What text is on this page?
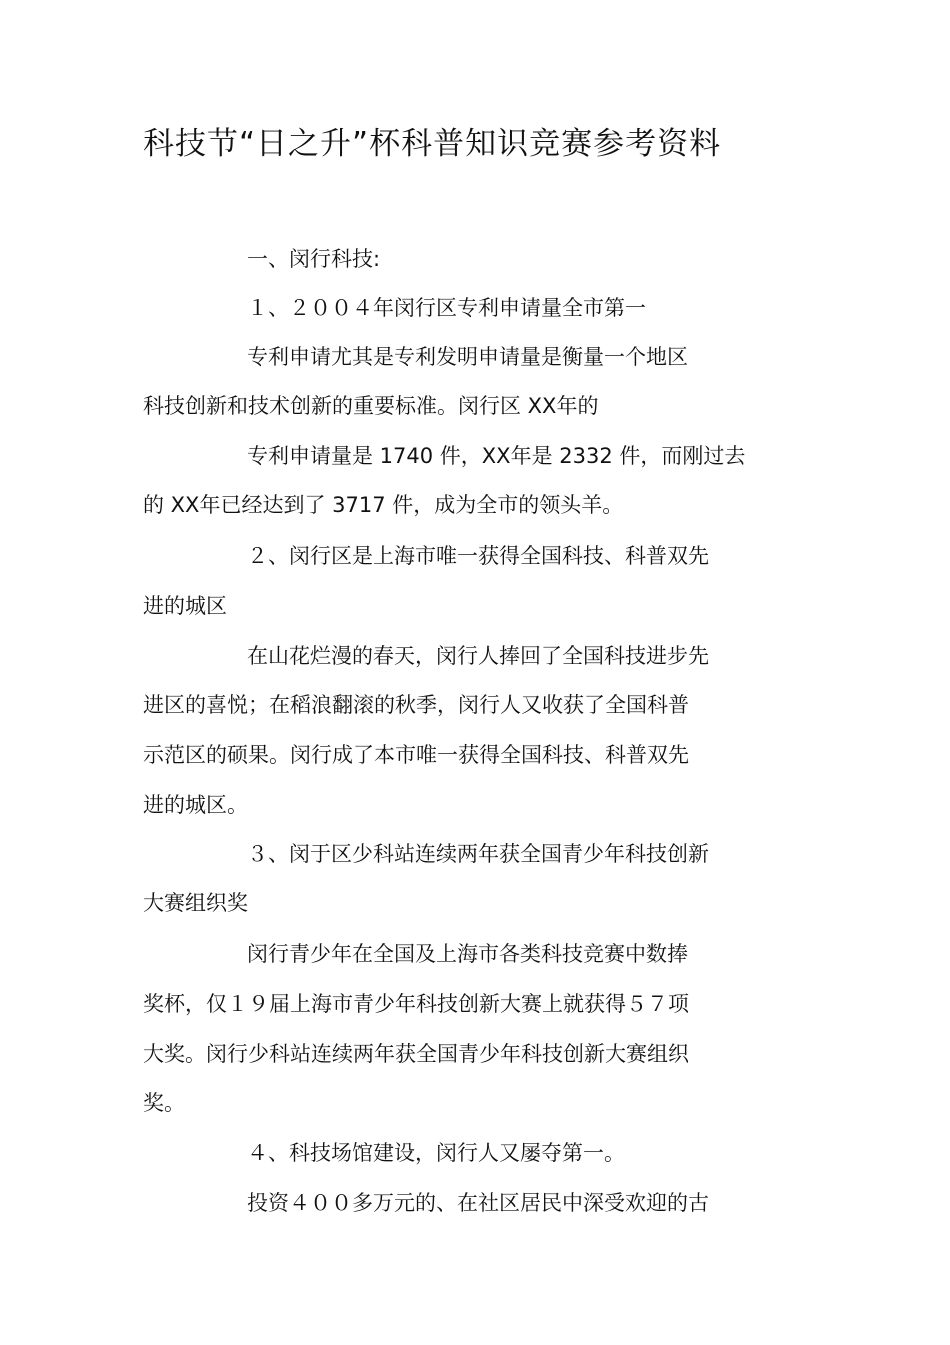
科技节“日之升”杯科普知识竞赛参考资料
一、闵行科技:
１、２００４年闵行区专利申请量全市第一
专利申请尤其是专利发明申请量是衡量一个地区
科技创新和技术创新的重要标准。闵行区 XX年的
专利申请量是 1740 件，XX年是 2332 件，而刚过去
的 XX年已经达到了 3717 件，成为全市的领头羊。
２、闵行区是上海市唯一获得全国科技、科普双先
进的城区
在山花烂漫的春天，闵行人捧回了全国科技进步先
进区的喜悦；在稻浪翻滚的秋季，闵行人又收获了全国科普
示范区的硕果。闵行成了本市唯一获得全国科技、科普双先
进的城区。
３、闵于区少科站连续两年获全国青少年科技创新
大赛组织奖
闵行青少年在全国及上海市各类科技竞赛中数捧
奖杯，仅１９届上海市青少年科技创新大赛上就获得５７项
大奖。闵行少科站连续两年获全国青少年科技创新大赛组织
奖。
４、科技场馆建设，闵行人又屡夺第一。
投资４００多万元的、在社区居民中深受欢迎的古
